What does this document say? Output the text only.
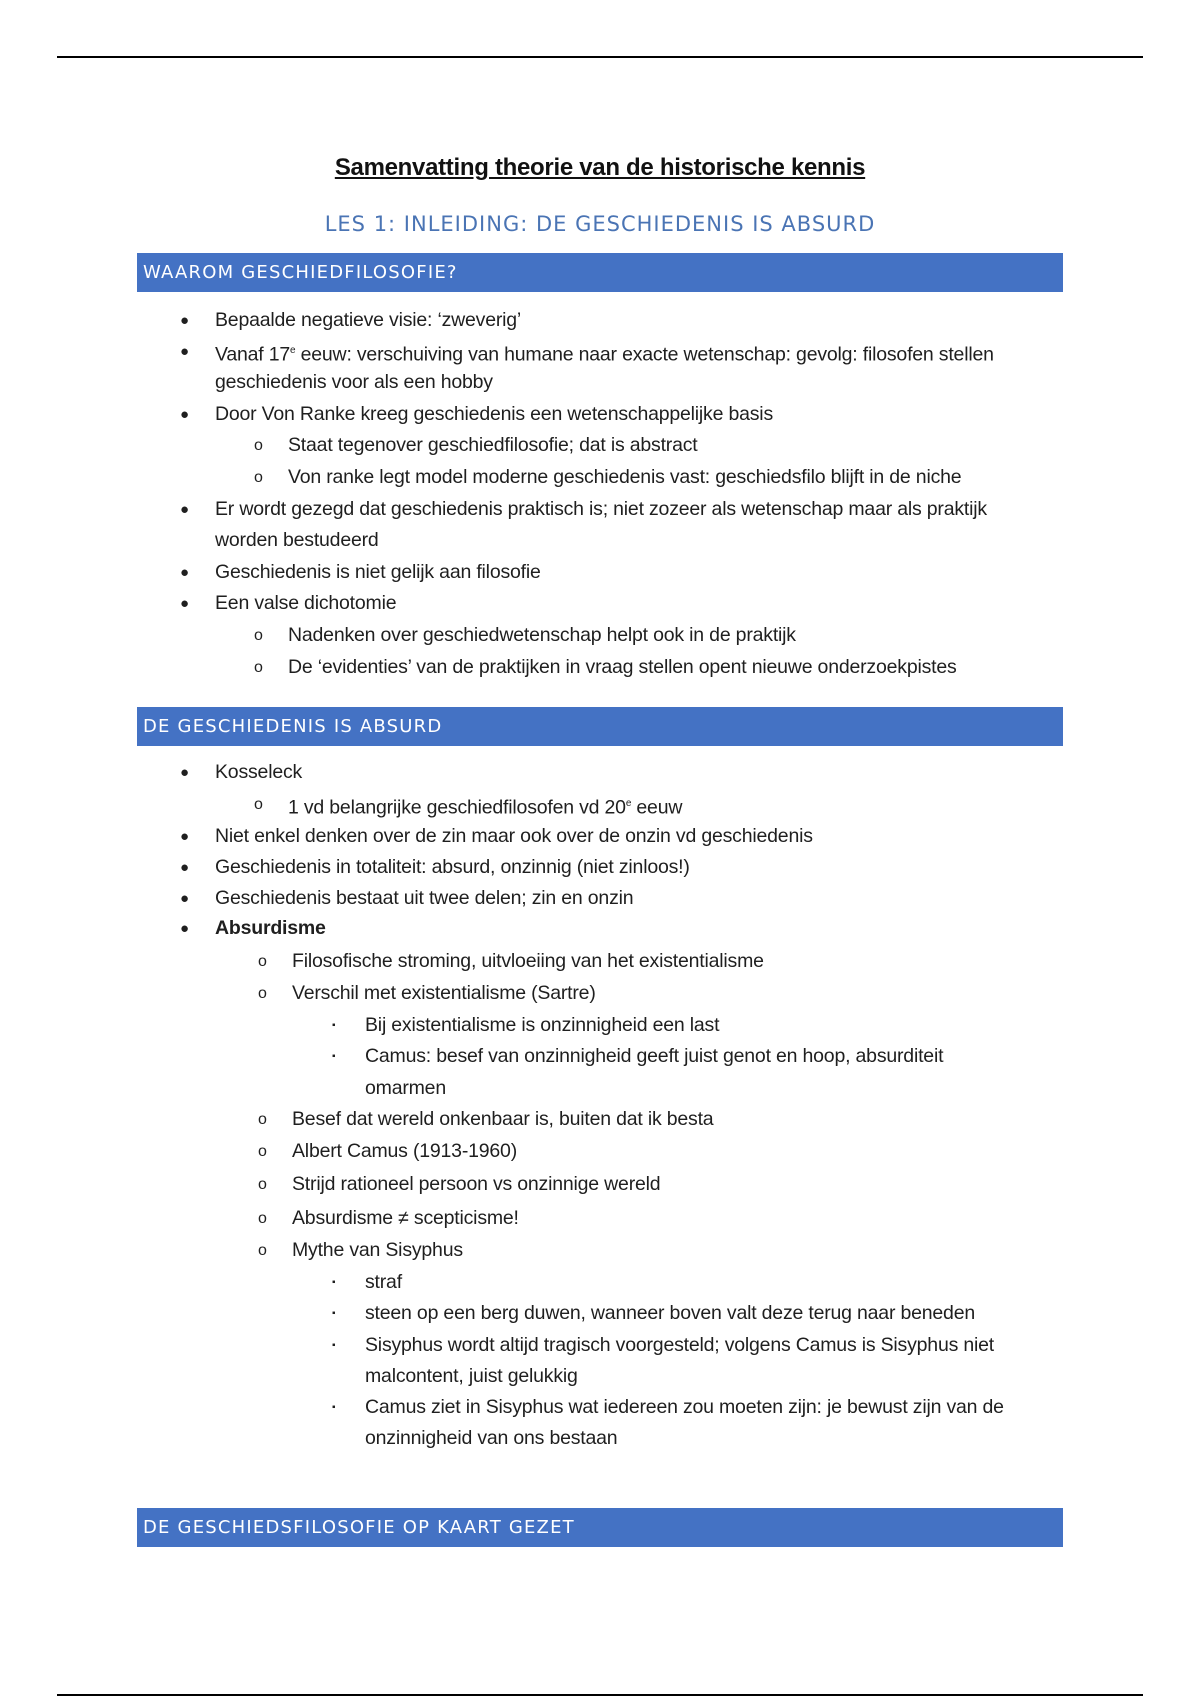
Samenvatting theorie van de historische kennis
LES 1: INLEIDING: DE GESCHIEDENIS IS ABSURD
WAAROM GESCHIEDFILOSOFIE?
● Bepaalde negatieve visie: ‘zweverig’
● Vanaf 17e eeuw: verschuiving van humane naar exacte wetenschap: gevolg: filosofen stellen
geschiedenis voor als een hobby
● Door Von Ranke kreeg geschiedenis een wetenschappelijke basis
o Staat tegenover geschiedfilosofie; dat is abstract
o Von ranke legt model moderne geschiedenis vast: geschiedsfilo blijft in de niche
● Er wordt gezegd dat geschiedenis praktisch is; niet zozeer als wetenschap maar als praktijk
worden bestudeerd
● Geschiedenis is niet gelijk aan filosofie
● Een valse dichotomie
o Nadenken over geschiedwetenschap helpt ook in de praktijk
o De ‘evidenties’ van de praktijken in vraag stellen opent nieuwe onderzoekpistes
DE GESCHIEDENIS IS ABSURD
● Kosseleck
o 1 vd belangrijke geschiedfilosofen vd 20e eeuw
● Niet enkel denken over de zin maar ook over de onzin vd geschiedenis
● Geschiedenis in totaliteit: absurd, onzinnig (niet zinloos!)
● Geschiedenis bestaat uit twee delen; zin en onzin
● Absurdisme
o Filosofische stroming, uitvloeiing van het existentialisme
o Verschil met existentialisme (Sartre)
▪ Bij existentialisme is onzinnigheid een last
▪ Camus: besef van onzinnigheid geeft juist genot en hoop, absurditeit
omarmen
o Besef dat wereld onkenbaar is, buiten dat ik besta
o Albert Camus (1913-1960)
o Strijd rationeel persoon vs onzinnige wereld
o Absurdisme ≠ scepticisme!
o Mythe van Sisyphus
▪ straf
▪ steen op een berg duwen, wanneer boven valt deze terug naar beneden
▪ Sisyphus wordt altijd tragisch voorgesteld; volgens Camus is Sisyphus niet
malcontent, juist gelukkig
▪ Camus ziet in Sisyphus wat iedereen zou moeten zijn: je bewust zijn van de
onzinnigheid van ons bestaan
DE GESCHIEDSFILOSOFIE OP KAART GEZET
